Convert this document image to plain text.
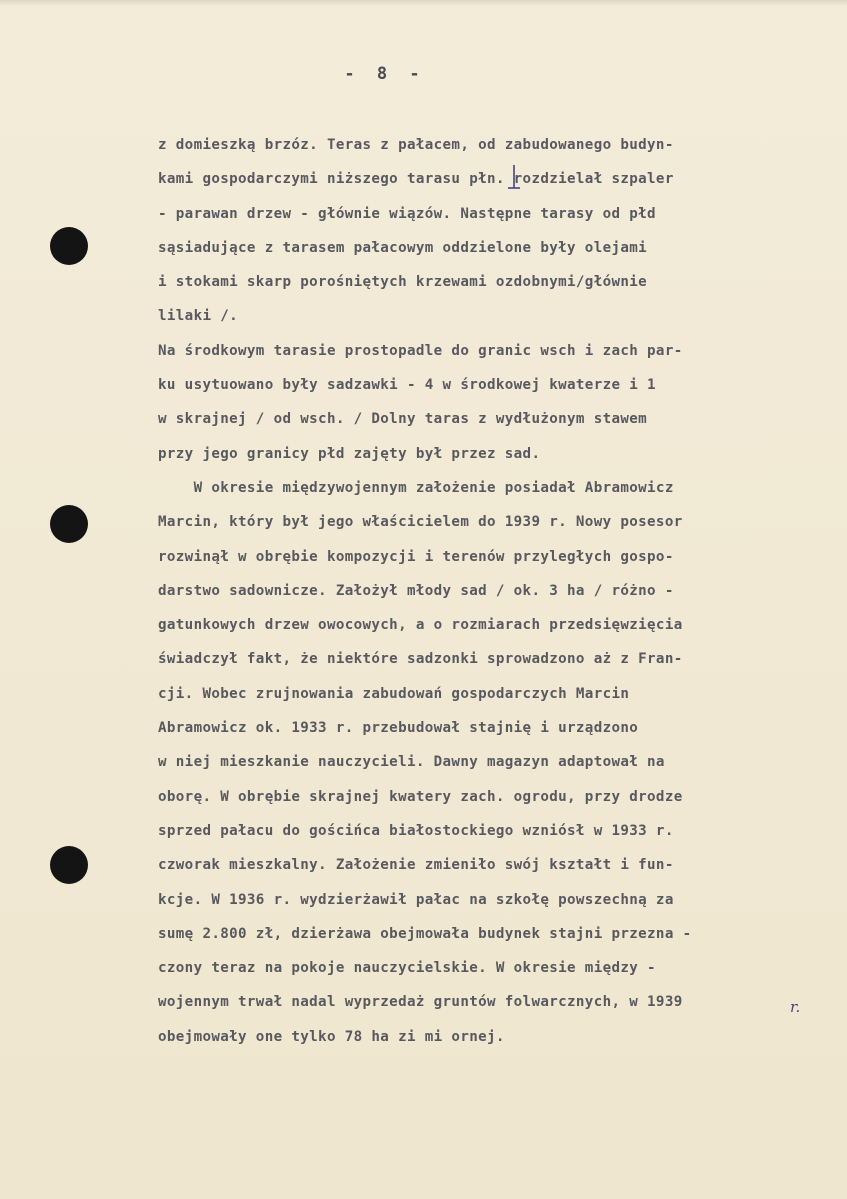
- 8 -
z domieszką brzóz. Teras z pałacem, od zabudowanego budyn-
kami gospodarczymi niższego tarasu płn. rozdzielał szpaler
- parawan drzew - głównie wiązów. Następne tarasy od płd
sąsiadujące z tarasem pałacowym oddzielone były olejami
i stokami skarp porośniętych krzewami ozdobnymi/głównie
lilaki /.
Na środkowym tarasie prostopadle do granic wsch i zach par-
ku usytuowano były sadzawki - 4 w środkowej kwaterze i 1
w skrajnej / od wsch. / Dolny taras z wydłużonym stawem
przy jego granicy płd zajęty był przez sad.
W okresie międzywojennym założenie posiadał Abramowicz
Marcin, który był jego właścicielem do 1939 r. Nowy posesor
rozwinął w obrębie kompozycji i terenów przyległych gospo-
darstwo sadownicze. Założył młody sad / ok. 3 ha / różno -
gatunkowych drzew owocowych, a o rozmiarach przedsięwzięcia
świadczył fakt, że niektóre sadzonki sprowadzono aż z Fran-
cji. Wobec zrujnowania zabudowań gospodarczych Marcin
Abramowicz ok. 1933 r. przebudował stajnię i urządzono
w niej mieszkanie nauczycieli. Dawny magazyn adaptował na
oborę. W obrębie skrajnej kwatery zach. ogrodu, przy drodze
sprzed pałacu do gościńca białostockiego wzniósł w 1933 r.
czworak mieszkalny. Założenie zmieniło swój kształt i fun-
kcje. W 1936 r. wydzierżawił pałac na szkołę powszechną za
sumę 2.800 zł, dzierżawa obejmowała budynek stajni przezna -
czony teraz na pokoje nauczycielskie. W okresie między -
wojennym trwał nadal wyprzedaż gruntów folwarcznych, w 1939
obejmowały one tylko 78 ha zi mi ornej.
r.
